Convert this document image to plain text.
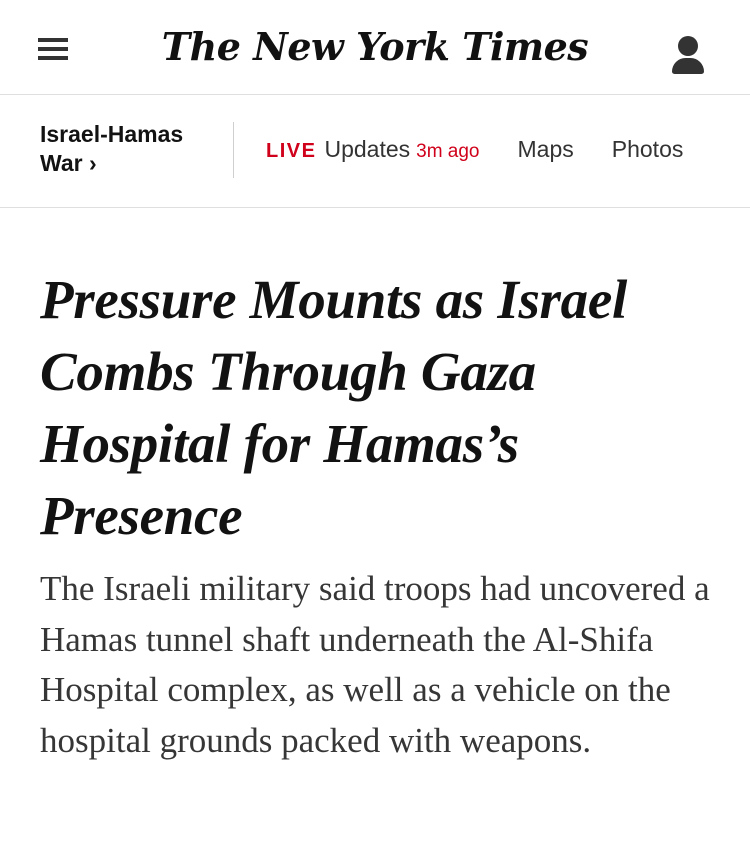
The New York Times
Israel-Hamas War ›	LIVE Updates 3m ago Maps Photos
Pressure Mounts as Israel Combs Through Gaza Hospital for Hamas’s Presence

The Israeli military said troops had uncovered a Hamas tunnel shaft underneath the Al-Shifa Hospital complex, as well as a vehicle on the hospital grounds packed with weapons.
